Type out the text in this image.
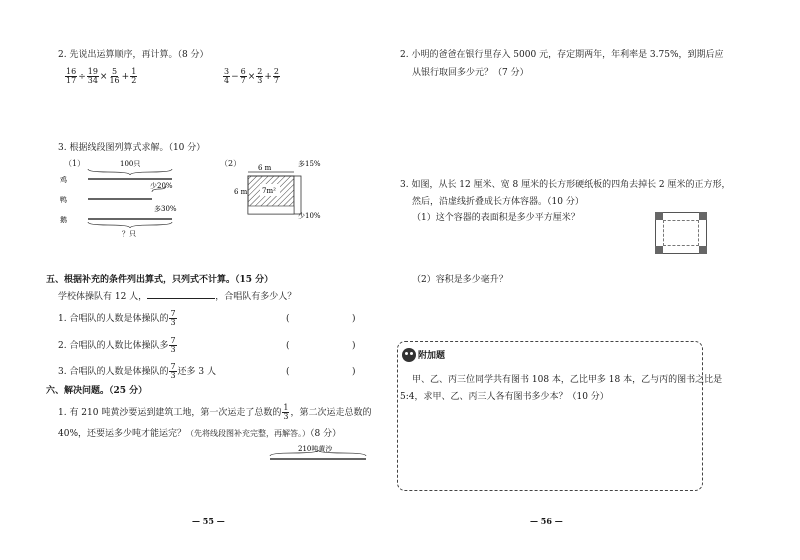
2. 先说出运算顺序，再计算。（8 分）
$\frac{16}{17} \div \frac{19}{34} \times \frac{5}{16} + \frac{1}{2}$	$\frac{3}{4} - \frac{6}{7} \times \frac{2}{3} + \frac{2}{7}$
3. 根据线段图列算式求解。（10 分）
（1）	（2）
100只
鸡
少20%
鸭
多30%
鹅
？只
6 m	多15%
7m²
6 m
少10%
五、根据补充的条件列出算式，只列式不计算。（15 分）
学校体操队有 12 人，	，合唱队有多少人？
1. 合唱队的人数是体操队的 $\frac{7}{3}$	(	)
2. 合唱队的人数比体操队多 $\frac{7}{3}$	(	)
3. 合唱队的人数是体操队的 $\frac{7}{3}$ 还多 3 人	(	)
六、解决问题。（25 分）
1. 有 210 吨黄沙要运到建筑工地，第一次运走了总数的 $\frac{1}{3}$ ，第二次运走总数的
40%，还要运多少吨才能运完？（先将线段图补充完整，再解答。）（8 分）
210吨黄沙
— 55 —
2. 小明的爸爸在银行里存入 5000 元，存定期两年，年利率是 3.75%，到期后应
从银行取回多少元？（7 分）
3. 如图，从长 12 厘米、宽 8 厘米的长方形硬纸板的四角去掉长 2 厘米的正方形，
然后，沿虚线折叠成长方体容器。（10 分）
（1）这个容器的表面积是多少平方厘米？
（2）容积是多少毫升？
附加题
甲、乙、丙三位同学共有图书 108 本，乙比甲多 18 本，乙与丙的图书之比是
5:4，求甲、乙、丙三人各有图书多少本？（10 分）
— 56 —
